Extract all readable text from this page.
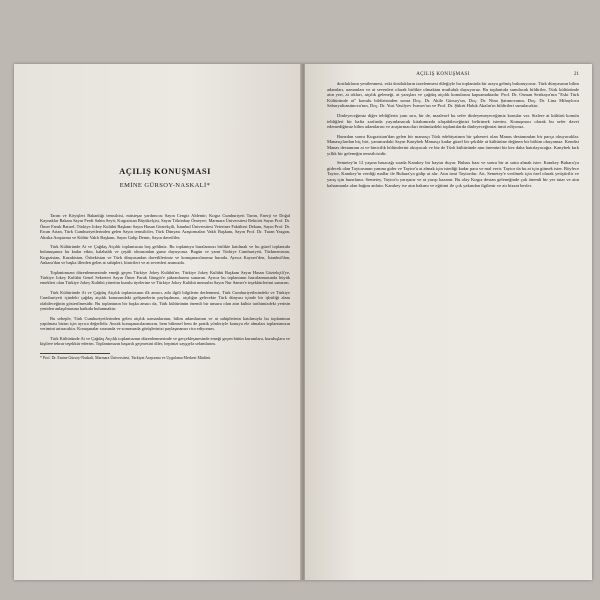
AÇILIŞ KONUŞMASI
EMİNE GÜRSOY-NASKALİ*

Tarım ve Köyişleri Bakanlığı temsilcisi, müsteşar yardımcısı Sayın Cengiz Aldemir; Kırgız Cumhuriyeti Tarım, Enerji ve Doğal Kaynaklar Bakanı Sayın Ferdi Sahin Seyit; Kırgızistan Büyükelçisi, Sayın Tökönbay Ömeyev; Marmara Üniversitesi Rektörü Sayın Prof. Dr. Ömer Faruk Batırel, Türkiye Jokey Kulübü Başkanı Sayın Hasan Göztekçili, İstanbul Üniversitesi Veteriner Fakültesi Dekanı, Sayın Prof. Dr. Ercan Artan, Türk Cumhuriyetlerinden gelen Sayın temsilciler, Türk Dünyası Araştırmaları Vakfı Başkanı, Sayın Prof. Dr. Turan Yazgan, Ahıska Araştırma ve Kültür Vakfı Başkanı, Sayın Galip Demir, Sayın davetliler,

Türk Kültüründe At ve Çağdaş Atçılık toplantısına hoş geldiniz. Bu toplantıya buralarınızı birlikte katılmak ve bu güzel toplantıda bulunuşunuz bu kadar etkin, kalabalık ve çeşitli olmasından gurur duyuyoruz. Bugün ve yarın Türkiye Cumhuriyeti, Türkmenistan, Kırgızistan, Kazakistan, Özbekistan ve Türk dünyasından davetlilerimiz ve konuşmacılarımız burada. Ayrıca Kayseri'den, İstanbul'dan, Ankara'dan ve başka illerden gelen at sahipleri, binicileri ve at sevenleri aramızda.

Toplantımızın düzenlenmesinde emeği geçen Türkiye Jokey Kulübü'ne, Türkiye Jokey Kulübü Başkanı Sayın Hasan Göztekçili'ye, Türkiye Jokey Kulübü Genel Sekreteri Sayın Ömer Faruk Güngör'e şükranlarımı sunarım. Ayrıca bu toplantının hazırlanmasında büyük emekleri olan Türkiye Jokey Kulübü yönetim kurulu üyelerine ve Türkiye Jokey Kulübü mensubu Sayın Nur Samer'e teşekkürlerimi sunarım.

Türk Kültüründe At ve Çağdaş Atçılık toplantısının ilk amacı, atla ilgili bilgilerin derlenmesi, Türk Cumhuriyetlerindeki ve Türkiye Cumhuriyeti içindeki çağdaş atçılık konusundaki gelişmelerin paylaşılması, atçılığın gelecekte Türk dünyası içinde bir işbirliği alanı olabileceğinin gösterilmesidir. Bu toplantının bir başka amacı da, Türk kültürünün önemli bir unsuru olan atın kültür tarihimizdeki yerinin yeniden anlaşılmasına katkıda bulunmaktır.

Bu sebeple, Türk Cumhuriyetlerinden gelen atçılık uzmanlarının, bilim adamlarının ve at sahiplerinin katılımıyla bu toplantının yapılması bizim için ayrıca değerlidir. Ancak konuşmacılarımızın, hem bilimsel hem de pratik yönleriyle konuyu ele almaları toplantımızın verimini artıracaktır. Konuşmalar sırasında ve sonrasında görüşlerinizi paylaşmanızı rica ediyorum.

Türk Kültüründe At ve Çağdaş Atçılık toplantısının düzenlenmesinde ve gerçekleşmesinde emeği geçen bütün kurumlara, kuruluşlara ve kişilere tekrar teşekkür ederim. Toplantımızın başarılı geçmesini diler, hepinizi saygıyla selamlarım.

* Prof. Dr. Emine Gürsoy-Naskali, Marmara Üniversitesi, Türkiyat Araştırma ve Uygulama Merkezi Müdürü.
AÇILIŞ KONUŞMASI	21

dostlukların yenilenmesi, eski dostlukların tazelenmesi dileğiyle bu toplantıda bir araya gelmiş bulunuyoruz. Türk dünyasının bilim adamları, uzmanları ve at sevenleri olarak birlikte olmaktan mutluluk duyuyoruz. Bu toplantıda sunulacak bildiriler, Türk kültüründe atın yeri, at ırkları, atçılık geleneği, at yarışları ve çağdaş atçılık konularını kapsamaktadır. Prof. Dr. Osman Sertkaya'nın "Eski Türk Kültüründe at" konulu bildirisinden sonra Doç. Dr. Akile Gürsoy'un, Doç. Dr. Nina Şatımovanın, Doç. Dr. Lina Mihaylova Sabaryaltınsünova'nın, Doç. Dr. Yuri Vasilyev İvanov'un ve Prof. Dr. Şükrü Haluk Akalın'ın bildirileri sunulacaktır.

Dinleyeceğimiz diğer tebliğlerin yanı sıra, bir de, maalesef bu sefer dinleyemeyeceğimiz konular var. Sizlere at kültürü konulu tebliğleri bir hafta zarfında yayınlanacak kitabımızda ulaşabileceğinizi belirtmek isterim. Konuşmacı olarak bu sefer davet edemediğimiz bilim adamlarını ve araştırmacıları önümüzdeki toplantılarda dinleyeceğimizi ümit ediyoruz.

Bunzdan sonra Kırgızistan'dan gelen bir manasçı Türk edebiyatının bir şaheseri olan Manas destanından bir parça okuyacaklar. Manasçılardan hiç biri, yanımızdaki Sayın Kanybek Manasçı kadar güzel bir şekilde at kültürüne değinen bir bölüm okuyamaz. Kendisi Manas destanının at ve binicilik bölümlerini okuyacak ve biz de Türk kültüründe atın önemini bir kez daha hatırlayacağız. Kanybek kırk yıllık bir geleneğin temsilcisidir.

Semetey'in 12 yaşına basacağı sırada Kanıkey bir baytar duyar. Buharı bazı ve sonra bir at satın almak ister. Kanıkey Buhara'ya gidecek olan Taytorunun yanına gider ve Taytor'a at almak için istediği kadar para ve mal verir. Taytor da bu at için gitmek ister. Böylece Taytor, Kanıkey'in verdiği mallar ile Buhara'ya gidip at alır. Atın ismi Taytordur. Atı, Semetey'e verilmek için özel olarak yetiştirilir ve yarış için hazırlanır. Semetey, Taytor'u yarıştırır ve at yarışı kazanır. Bu olay Kırgız destan geleneğinde çok önemli bir yer tutar ve atın kahramanla olan bağını anlatır. Kanıkey ise atın bakımı ve eğitimi ile çok yakından ilgilenir ve atı bizzat besler.
